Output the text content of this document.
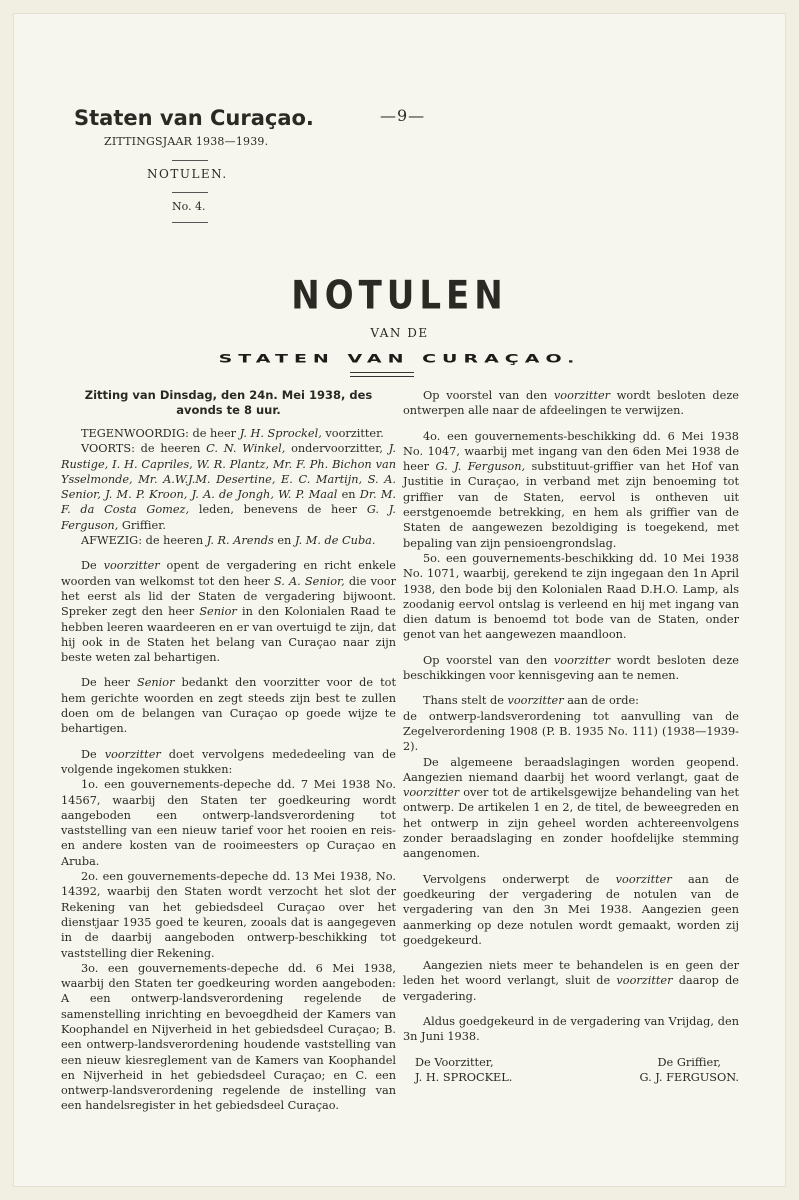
Staten van Curaçao.	—9—
ZITTINGSJAAR 1938—1939.
NOTULEN.
No. 4.
NOTULEN
VAN DE
STATEN VAN CURAÇAO.

Zitting van Dinsdag, den 24n. Mei 1938, des avonds te 8 uur.

TEGENWOORDIG: de heer J. H. Sprockel, voorzitter.

VOORTS: de heeren C. N. Winkel, ondervoorzitter, J. Rustige, I. H. Capriles, W. R. Plantz, Mr. F. Ph. Bichon van Ysselmonde, Mr. A.W.J.M. Desertine, E. C. Martijn, S. A. Senior, J. M. P. Kroon, J. A. de Jongh, W. P. Maal en Dr. M. F. da Costa Gomez, leden, benevens de heer G. J. Ferguson, Griffier.

AFWEZIG: de heeren J. R. Arends en J. M. de Cuba.

De voorzitter opent de vergadering en richt enkele woorden van welkomst tot den heer S. A. Senior, die voor het eerst als lid der Staten de vergadering bijwoont. Spreker zegt den heer Senior in den Kolonialen Raad te hebben leeren waardeeren en er van overtuigd te zijn, dat hij ook in de Staten het belang van Curaçao naar zijn beste weten zal behartigen.

De heer Senior bedankt den voorzitter voor de tot hem gerichte woorden en zegt steeds zijn best te zullen doen om de belangen van Curaçao op goede wijze te behartigen.

De voorzitter doet vervolgens mededeeling van de volgende ingekomen stukken:

1o. een gouvernements-depeche dd. 7 Mei 1938 No. 14567, waarbij den Staten ter goedkeuring wordt aangeboden een ontwerp-landsverordening tot vaststelling van een nieuw tarief voor het rooien en reis- en andere kosten van de rooimeesters op Curaçao en Aruba.

2o. een gouvernements-depeche dd. 13 Mei 1938, No. 14392, waarbij den Staten wordt verzocht het slot der Rekening van het gebiedsdeel Curaçao over het dienstjaar 1935 goed te keuren, zooals dat is aangegeven in de daarbij aangeboden ontwerp-beschikking tot vaststelling dier Rekening.

3o. een gouvernements-depeche dd. 6 Mei 1938, waarbij den Staten ter goedkeuring worden aangeboden: A een ontwerp-landsverordening regelende de samenstelling inrichting en bevoegdheid der Kamers van Koophandel en Nijverheid in het gebiedsdeel Curaçao; B. een ontwerp-landsverordening houdende vaststelling van een nieuw kiesreglement van de Kamers van Koophandel en Nijverheid in het gebiedsdeel Curaçao; en C. een ontwerp-landsverordening regelende de instelling van een handelsregister in het gebiedsdeel Curaçao.

Op voorstel van den voorzitter wordt besloten deze ontwerpen alle naar de afdeelingen te verwijzen.

4o. een gouvernements-beschikking dd. 6 Mei 1938 No. 1047, waarbij met ingang van den 6den Mei 1938 de heer G. J. Ferguson, substituut-griffier van het Hof van Justitie in Curaçao, in verband met zijn benoeming tot griffier van de Staten, eervol is ontheven uit eerstgenoemde betrekking, en hem als griffier van de Staten de aangewezen bezoldiging is toegekend, met bepaling van zijn pensioengrondslag.

5o. een gouvernements-beschikking dd. 10 Mei 1938 No. 1071, waarbij, gerekend te zijn ingegaan den 1n April 1938, den bode bij den Kolonialen Raad D.H.O. Lamp, als zoodanig eervol ontslag is verleend en hij met ingang van dien datum is benoemd tot bode van de Staten, onder genot van het aangewezen maandloon.

Op voorstel van den voorzitter wordt besloten deze beschikkingen voor kennisgeving aan te nemen.

Thans stelt de voorzitter aan de orde:

de ontwerp-landsverordening tot aanvulling van de Zegelverordening 1908 (P. B. 1935 No. 111) (1938—1939-2).

De algemeene beraadslagingen worden geopend. Aangezien niemand daarbij het woord verlangt, gaat de voorzitter over tot de artikelsgewijze behandeling van het ontwerp. De artikelen 1 en 2, de titel, de beweegreden en het ontwerp in zijn geheel worden achtereenvolgens zonder beraadslaging en zonder hoofdelijke stemming aangenomen.

Vervolgens onderwerpt de voorzitter aan de goedkeuring der vergadering de notulen van de vergadering van den 3n Mei 1938. Aangezien geen aanmerking op deze notulen wordt gemaakt, worden zij goedgekeurd.

Aangezien niets meer te behandelen is en geen der leden het woord verlangt, sluit de voorzitter daarop de vergadering.

Aldus goedgekeurd in de vergadering van Vrijdag, den 3n Juni 1938.

De Voorzitter,
J. H. SPROCKEL.
De Griffier,
G. J. FERGUSON.
